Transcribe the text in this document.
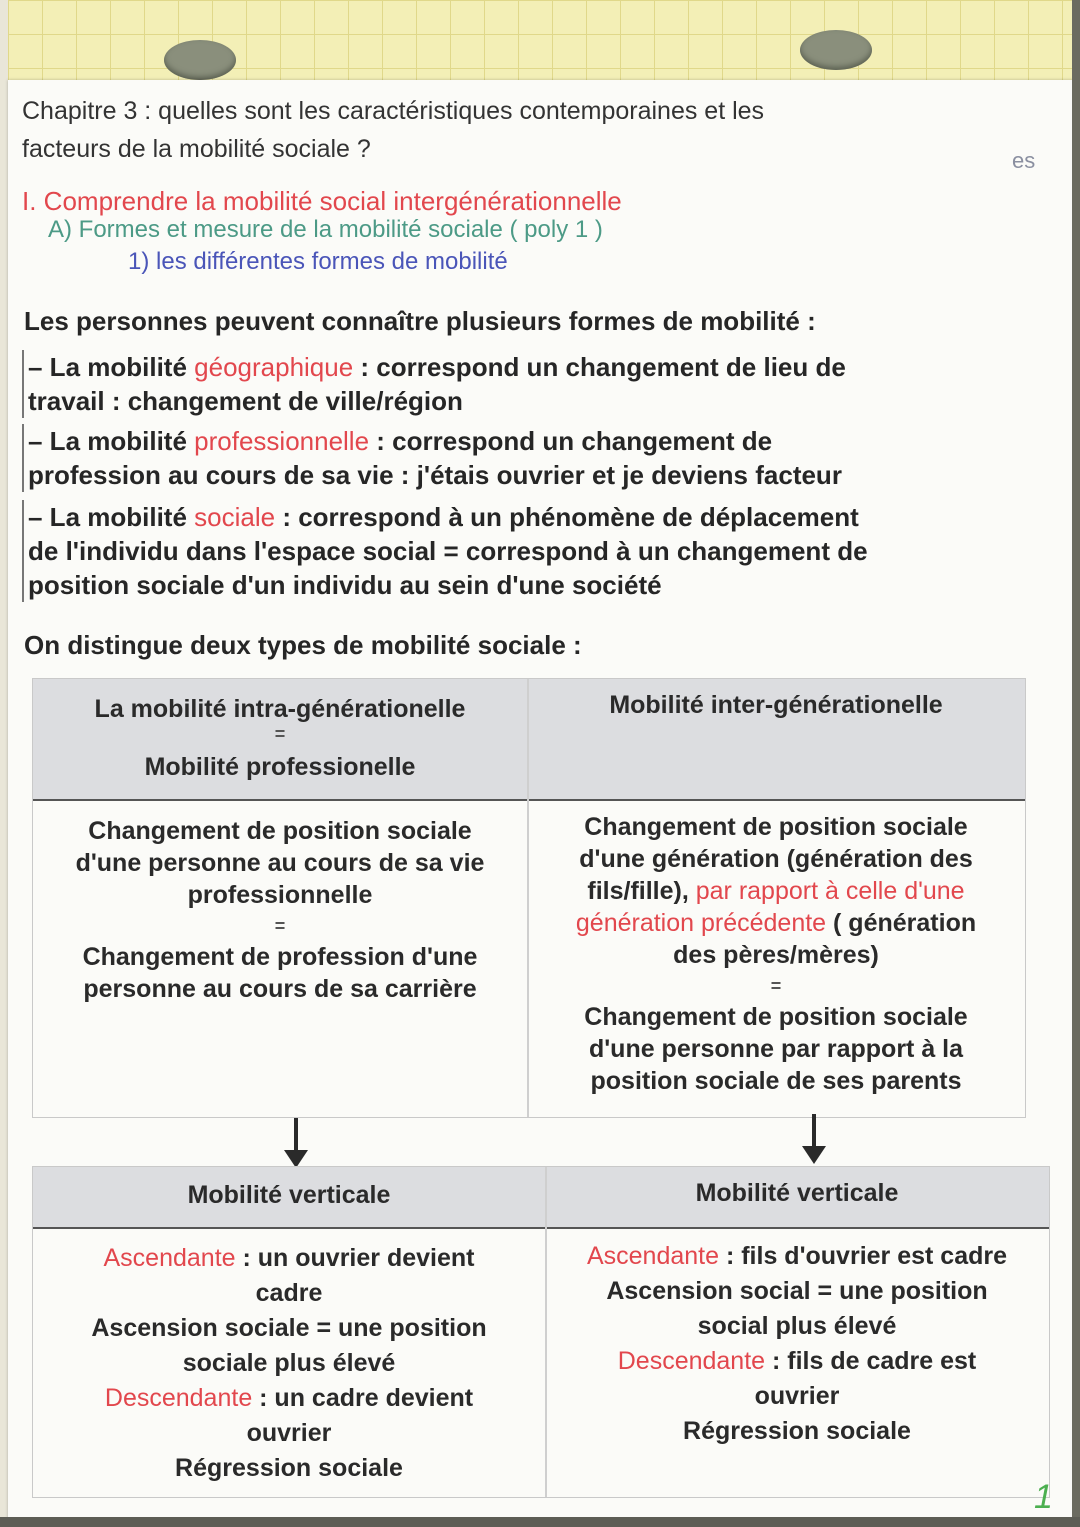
Chapitre 3 : quelles sont les caractéristiques contemporaines et les
facteurs de la mobilité sociale ?	es
I. Comprendre la mobilité social intergénérationnelle
A) Formes et mesure de la mobilité sociale ( poly 1 )
1) les différentes formes de mobilité
Les personnes peuvent connaître plusieurs formes de mobilité :
– La mobilité géographique : correspond un changement de lieu de
travail : changement de ville/région
– La mobilité professionnelle : correspond un changement de
profession au cours de sa vie : j'étais ouvrier et je deviens facteur
– La mobilité sociale : correspond à un phénomène de déplacement
de l'individu dans l'espace social = correspond à un changement de
position sociale d'un individu au sein d'une société
On distingue deux types de mobilité sociale :
La mobilité intra-générationelle
=
Mobilité professionelle
Mobilité inter-générationelle
Changement de position sociale
d'une personne au cours de sa vie
professionnelle
=
Changement de profession d'une
personne au cours de sa carrière
Changement de position sociale
d'une génération (génération des
fils/fille), par rapport à celle d'une
génération précédente ( génération
des pères/mères)
=
Changement de position sociale
d'une personne par rapport à la
position sociale de ses parents
Mobilité verticale	Mobilité verticale
Ascendante : un ouvrier devient
cadre
Ascension sociale = une position
sociale plus élevé
Descendante : un cadre devient
ouvrier
Régression sociale
Ascendante : fils d'ouvrier est cadre
Ascension social = une position
social plus élevé
Descendante : fils de cadre est
ouvrier
Régression sociale
1
